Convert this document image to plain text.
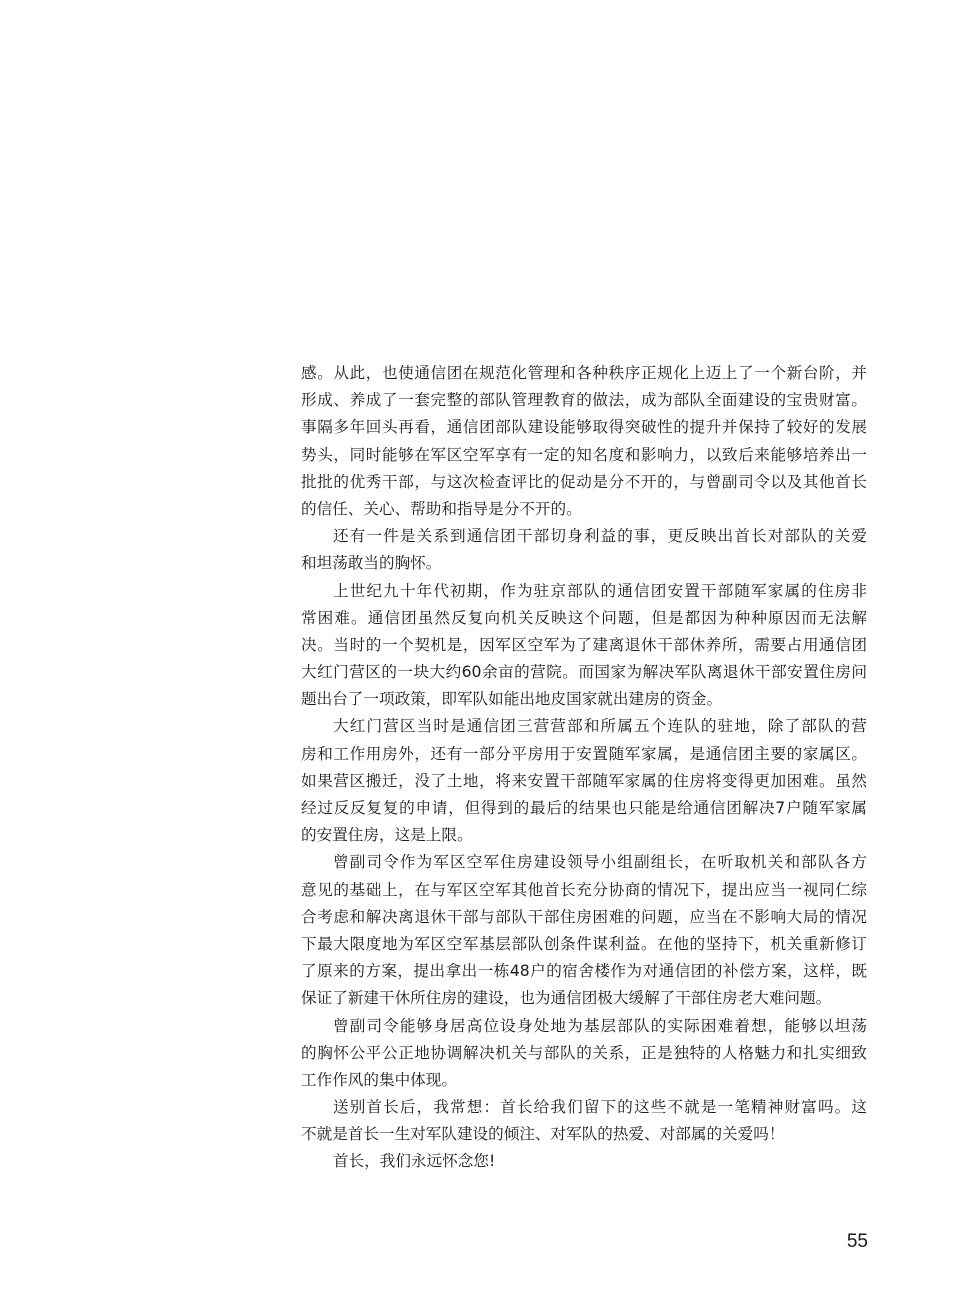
感。从此，也使通信团在规范化管理和各种秩序正规化上迈上了一个新台阶，并
形成、养成了一套完整的部队管理教育的做法，成为部队全面建设的宝贵财富。
事隔多年回头再看，通信团部队建设能够取得突破性的提升并保持了较好的发展
势头，同时能够在军区空军享有一定的知名度和影响力，以致后来能够培养出一
批批的优秀干部，与这次检查评比的促动是分不开的，与曾副司令以及其他首长
的信任、关心、帮助和指导是分不开的。
还有一件是关系到通信团干部切身利益的事，更反映出首长对部队的关爱
和坦荡敢当的胸怀。
上世纪九十年代初期，作为驻京部队的通信团安置干部随军家属的住房非
常困难。通信团虽然反复向机关反映这个问题，但是都因为种种原因而无法解
决。当时的一个契机是，因军区空军为了建离退休干部休养所，需要占用通信团
大红门营区的一块大约60余亩的营院。而国家为解决军队离退休干部安置住房问
题出台了一项政策，即军队如能出地皮国家就出建房的资金。
大红门营区当时是通信团三营营部和所属五个连队的驻地，除了部队的营
房和工作用房外，还有一部分平房用于安置随军家属，是通信团主要的家属区。
如果营区搬迁，没了土地，将来安置干部随军家属的住房将变得更加困难。虽然
经过反反复复的申请，但得到的最后的结果也只能是给通信团解决7户随军家属
的安置住房，这是上限。
曾副司令作为军区空军住房建设领导小组副组长，在听取机关和部队各方
意见的基础上，在与军区空军其他首长充分协商的情况下，提出应当一视同仁综
合考虑和解决离退休干部与部队干部住房困难的问题，应当在不影响大局的情况
下最大限度地为军区空军基层部队创条件谋利益。在他的坚持下，机关重新修订
了原来的方案，提出拿出一栋48户的宿舍楼作为对通信团的补偿方案，这样，既
保证了新建干休所住房的建设，也为通信团极大缓解了干部住房老大难问题。
曾副司令能够身居高位设身处地为基层部队的实际困难着想，能够以坦荡
的胸怀公平公正地协调解决机关与部队的关系，正是独特的人格魅力和扎实细致
工作作风的集中体现。
送别首长后，我常想：首长给我们留下的这些不就是一笔精神财富吗。这
不就是首长一生对军队建设的倾注、对军队的热爱、对部属的关爱吗！
首长，我们永远怀念您!
55
